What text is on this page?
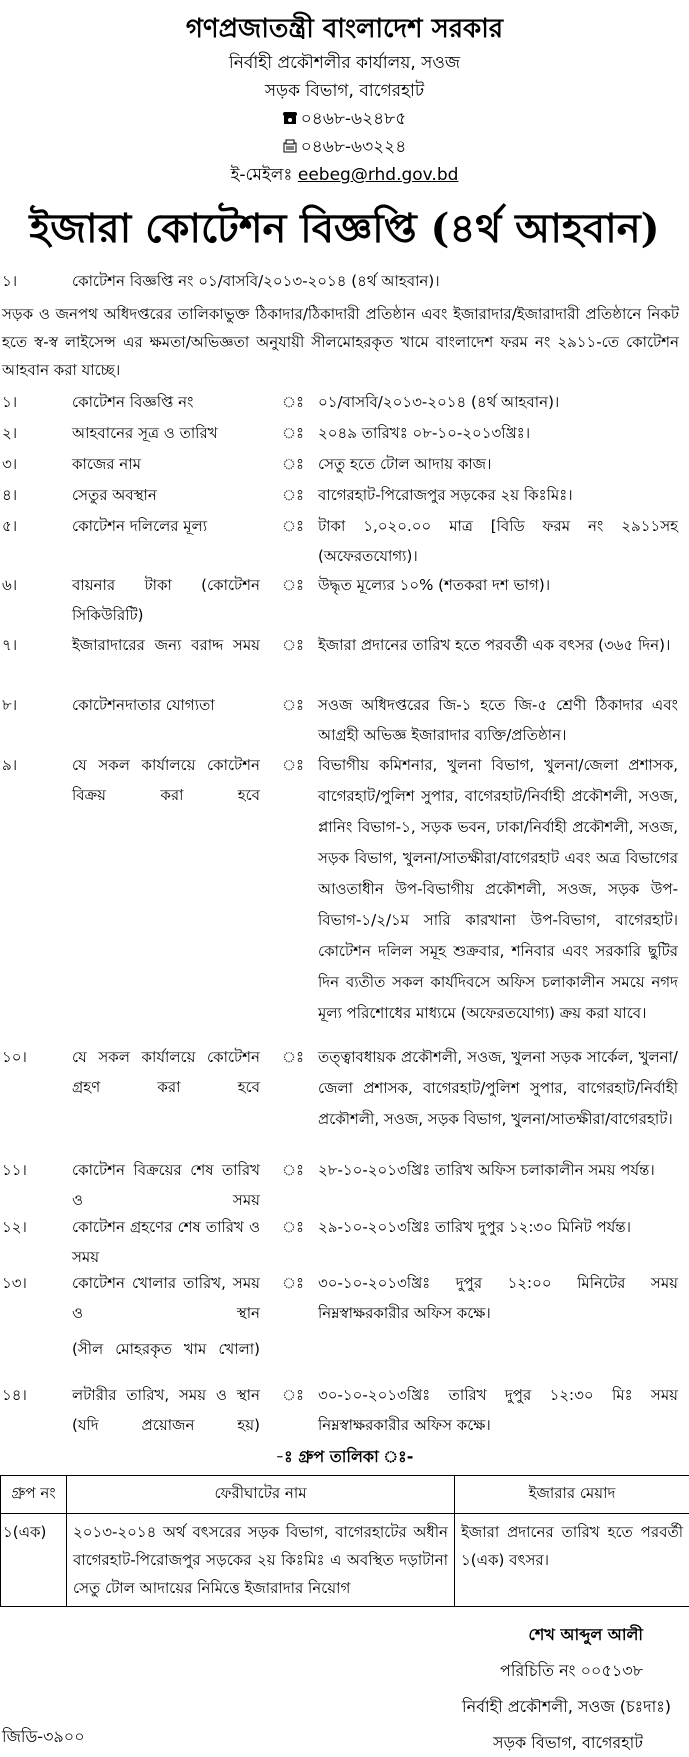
গণপ্রজাতন্ত্রী বাংলাদেশ সরকার
নির্বাহী প্রকৌশলীর কার্যালয়, সওজ
সড়ক বিভাগ, বাগেরহাট
০৪৬৮-৬২৪৮৫
০৪৬৮-৬৩২২৪
ই-মেইলঃ eebeg@rhd.gov.bd
ইজারা কোটেশন বিজ্ঞপ্তি (৪র্থ আহবান)
১।	কোটেশন বিজ্ঞপ্তি নং ০১/বাসবি/২০১৩-২০১৪ (৪র্থ আহবান)।
সড়ক ও জনপথ অধিদপ্তরের তালিকাভুক্ত ঠিকাদার/ঠিকাদারী প্রতিষ্ঠান এবং ইজারাদার/ইজারাদারী প্রতিষ্ঠানে নিকট হতে স্ব-স্ব লাইসেন্স এর ক্ষমতা/অভিজ্ঞতা অনুযায়ী সীলমোহরকৃত খামে বাংলাদেশ ফরম নং ২৯১১-তে কোটেশন আহবান করা যাচ্ছে।
১।	কোটেশন বিজ্ঞপ্তি নং	ঃ ০১/বাসবি/২০১৩-২০১৪ (৪র্থ আহবান)।
২।	আহবানের সূত্র ও তারিখ	ঃ ২০৪৯ তারিখঃ ০৮-১০-২০১৩খ্রিঃ।
৩।	কাজের নাম	ঃ সেতু হতে টোল আদায় কাজ।
৪।	সেতুর অবস্থান	ঃ বাগেরহাট-পিরোজপুর সড়কের ২য় কিঃমিঃ।
৫।	কোটেশন দলিলের মূল্য	ঃ টাকা ১,০২০.০০ মাত্র [বিডি ফরম নং ২৯১১সহ (অফেরতযোগ্য)।
৬।	বায়নার টাকা (কোটেশন সিকিউরিটি)
ঃ উদ্ধৃত মূল্যের ১০% (শতকরা দশ ভাগ)।
৭।	ইজারাদারের জন্য বরাদ্দ সময় ঃ ইজারা প্রদানের তারিখ হতে পরবর্তী এক বৎসর (৩৬৫ দিন)।
৮।	কোটেশনদাতার যোগ্যতা	ঃ সওজ অধিদপ্তরের জি-১ হতে জি-৫ শ্রেণী ঠিকাদার এবং আগ্রহী অভিজ্ঞ ইজারাদার ব্যক্তি/প্রতিষ্ঠান।
৯।	যে সকল কার্যালয়ে কোটেশন বিক্রয় করা হবে
ঃ বিভাগীয় কমিশনার, খুলনা বিভাগ, খুলনা/জেলা প্রশাসক, বাগেরহাট/পুলিশ সুপার, বাগেরহাট/নির্বাহী প্রকৌশলী, সওজ, প্লানিং বিভাগ-১, সড়ক ভবন, ঢাকা/নির্বাহী প্রকৌশলী, সওজ, সড়ক বিভাগ, খুলনা/সাতক্ষীরা/বাগেরহাট এবং অত্র বিভাগের আওতাধীন উপ-বিভাগীয় প্রকৌশলী, সওজ, সড়ক উপ-বিভাগ-১/২/১ম সারি কারখানা উপ-বিভাগ, বাগেরহাট। কোটেশন দলিল সমূহ শুক্রবার, শনিবার এবং সরকারি ছুটির দিন ব্যতীত সকল কার্যদিবসে অফিস চলাকালীন সময়ে নগদ মূল্য পরিশোধের মাধ্যমে (অফেরতযোগ্য) ক্রয় করা যাবে।
১০।	যে সকল কার্যালয়ে কোটেশন গ্রহণ করা হবে
ঃ তত্ত্বাবধায়ক প্রকৌশলী, সওজ, খুলনা সড়ক সার্কেল, খুলনা/জেলা প্রশাসক, বাগেরহাট/পুলিশ সুপার, বাগেরহাট/নির্বাহী প্রকৌশলী, সওজ, সড়ক বিভাগ, খুলনা/সাতক্ষীরা/বাগেরহাট।
১১।	কোটেশন বিক্রয়ের শেষ তারিখ ও সময়
ঃ ২৮-১০-২০১৩খ্রিঃ তারিখ অফিস চলাকালীন সময় পর্যন্ত।
১২।	কোটেশন গ্রহণের শেষ তারিখ ও সময়
ঃ ২৯-১০-২০১৩খ্রিঃ তারিখ দুপুর ১২:৩০ মিনিট পর্যন্ত।
১৩।	কোটেশন খোলার তারিখ, সময় ও স্থান
(সীল মোহরকৃত খাম খোলা)
ঃ ৩০-১০-২০১৩খ্রিঃ দুপুর ১২:০০ মিনিটের সময় নিম্নস্বাক্ষরকারীর অফিস কক্ষে।
১৪।	লটারীর তারিখ, সময় ও স্থান (যদি প্রয়োজন হয়)
ঃ ৩০-১০-২০১৩খ্রিঃ তারিখ দুপুর ১২:৩০ মিঃ সময় নিম্নস্বাক্ষরকারীর অফিস কক্ষে।
-ঃ গ্রুপ তালিকা ঃ-
গ্রুপ নং	ফেরীঘাটের নাম	ইজারার মেয়াদ
১(এক)	২০১৩-২০১৪ অর্থ বৎসরের সড়ক বিভাগ, বাগেরহাটের অধীন বাগেরহাট-পিরোজপুর সড়কের ২য় কিঃমিঃ এ অবস্থিত দড়াটানা সেতু টোল আদায়ের নিমিত্তে ইজারাদার নিয়োগ	ইজারা প্রদানের তারিখ হতে পরবর্তী ১(এক) বৎসর।
শেখ আব্দুল আলী
পরিচিতি নং ০০৫১৩৮
নির্বাহী প্রকৌশলী, সওজ (চঃদাঃ)
সড়ক বিভাগ, বাগেরহাট
জিডি-৩৯০০
